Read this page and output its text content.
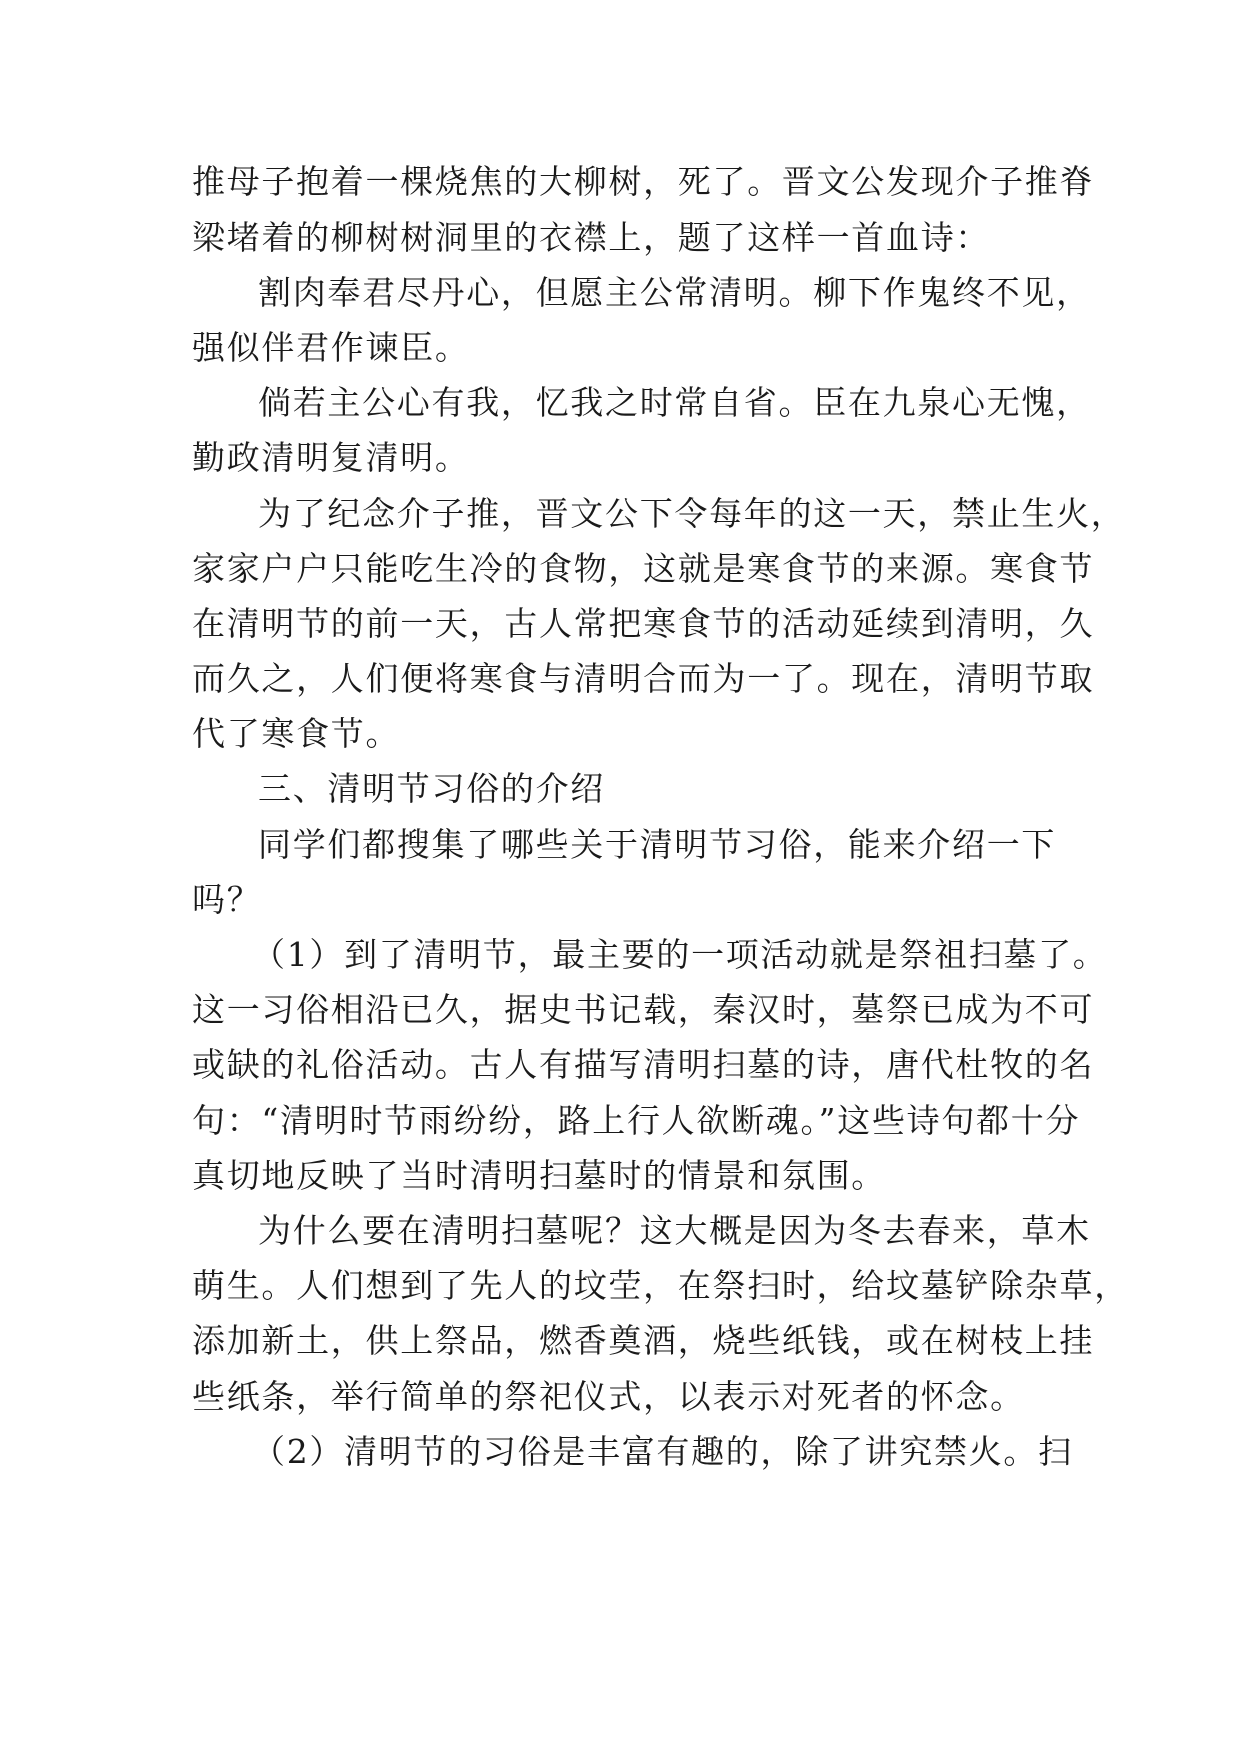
推母子抱着一棵烧焦的大柳树，死了。晋文公发现介子推脊
梁堵着的柳树树洞里的衣襟上，题了这样一首血诗：
割肉奉君尽丹心，但愿主公常清明。柳下作鬼终不见，
强似伴君作谏臣。
倘若主公心有我，忆我之时常自省。臣在九泉心无愧，
勤政清明复清明。
为了纪念介子推，晋文公下令每年的这一天，禁止生火，
家家户户只能吃生冷的食物，这就是寒食节的来源。寒食节
在清明节的前一天，古人常把寒食节的活动延续到清明，久
而久之，人们便将寒食与清明合而为一了。现在，清明节取
代了寒食节。
三、清明节习俗的介绍
同学们都搜集了哪些关于清明节习俗，能来介绍一下
吗？
（1）到了清明节，最主要的一项活动就是祭祖扫墓了。
这一习俗相沿已久，据史书记载，秦汉时，墓祭已成为不可
或缺的礼俗活动。古人有描写清明扫墓的诗，唐代杜牧的名
句：“清明时节雨纷纷，路上行人欲断魂。”这些诗句都十分
真切地反映了当时清明扫墓时的情景和氛围。
为什么要在清明扫墓呢？这大概是因为冬去春来，草木
萌生。人们想到了先人的坟茔，在祭扫时，给坟墓铲除杂草，
添加新土，供上祭品，燃香奠酒，烧些纸钱，或在树枝上挂
些纸条，举行简单的祭祀仪式，以表示对死者的怀念。
（2）清明节的习俗是丰富有趣的，除了讲究禁火。扫
